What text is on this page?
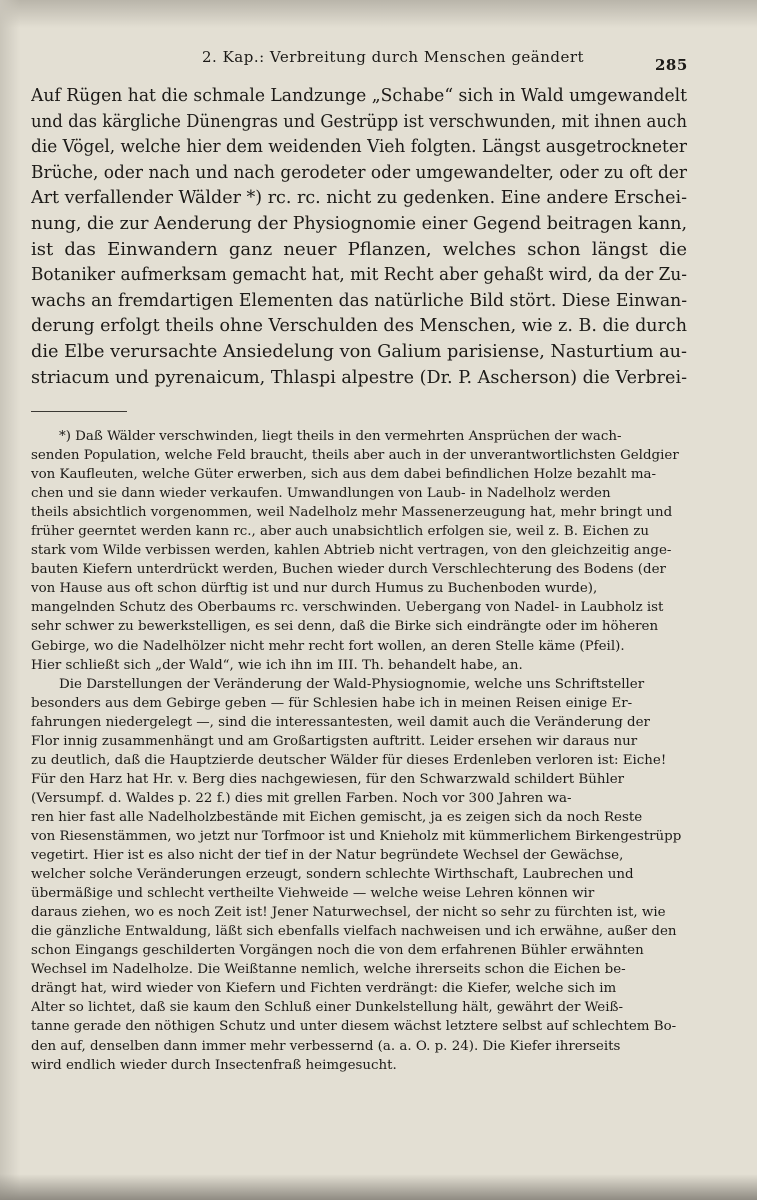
2. Kap.: Verbreitung durch Menschen geändert	285
Auf Rügen hat die schmale Landzunge „Schabe“ sich in Wald umgewandelt
und das kärgliche Dünengras und Gestrüpp ist verschwunden, mit ihnen auch
die Vögel, welche hier dem weidenden Vieh folgten. Längst ausgetrockneter
Brüche, oder nach und nach gerodeter oder umgewandelter, oder zu oft der
Art verfallender Wälder *) rc. rc. nicht zu gedenken. Eine andere Erschei-
nung, die zur Aenderung der Physiognomie einer Gegend beitragen kann,
ist das Einwandern ganz neuer Pflanzen, welches schon längst die
Botaniker aufmerksam gemacht hat, mit Recht aber gehaßt wird, da der Zu-
wachs an fremdartigen Elementen das natürliche Bild stört. Diese Einwan-
derung erfolgt theils ohne Verschulden des Menschen, wie z. B. die durch
die Elbe verursachte Ansiedelung von Galium parisiense, Nasturtium au-
striacum und pyrenaicum, Thlaspi alpestre (Dr. P. Ascherson) die Verbrei-
*) Daß Wälder verschwinden, liegt theils in den vermehrten Ansprüchen der wach-
senden Population, welche Feld braucht, theils aber auch in der unverantwortlichsten Geldgier
von Kaufleuten, welche Güter erwerben, sich aus dem dabei befindlichen Holze bezahlt ma-
chen und sie dann wieder verkaufen. Umwandlungen von Laub- in Nadelholz werden
theils absichtlich vorgenommen, weil Nadelholz mehr Massenerzeugung hat, mehr bringt und
früher geerntet werden kann rc., aber auch unabsichtlich erfolgen sie, weil z. B. Eichen zu
stark vom Wilde verbissen werden, kahlen Abtrieb nicht vertragen, von den gleichzeitig ange-
bauten Kiefern unterdrückt werden, Buchen wieder durch Verschlechterung des Bodens (der
von Hause aus oft schon dürftig ist und nur durch Humus zu Buchenboden wurde),
mangelnden Schutz des Oberbaums rc. verschwinden. Uebergang von Nadel- in Laubholz ist
sehr schwer zu bewerkstelligen, es sei denn, daß die Birke sich eindrängte oder im höheren
Gebirge, wo die Nadelhölzer nicht mehr recht fort wollen, an deren Stelle käme (Pfeil).
Hier schließt sich „der Wald“, wie ich ihn im III. Th. behandelt habe, an.
Die Darstellungen der Veränderung der Wald-Physiognomie, welche uns Schriftsteller
besonders aus dem Gebirge geben — für Schlesien habe ich in meinen Reisen einige Er-
fahrungen niedergelegt —, sind die interessantesten, weil damit auch die Veränderung der
Flor innig zusammenhängt und am Großartigsten auftritt. Leider ersehen wir daraus nur
zu deutlich, daß die Hauptzierde deutscher Wälder für dieses Erdenleben verloren ist: Eiche!
Für den Harz hat Hr. v. Berg dies nachgewiesen, für den Schwarzwald schildert Bühler
(Versumpf. d. Waldes p. 22 f.) dies mit grellen Farben. Noch vor 300 Jahren wa-
ren hier fast alle Nadelholzbestände mit Eichen gemischt, ja es zeigen sich da noch Reste
von Riesenstämmen, wo jetzt nur Torfmoor ist und Knieholz mit kümmerlichem Birkengestrüpp
vegetirt. Hier ist es also nicht der tief in der Natur begründete Wechsel der Gewächse,
welcher solche Veränderungen erzeugt, sondern schlechte Wirthschaft, Laubrechen und
übermäßige und schlecht vertheilte Viehweide — welche weise Lehren können wir
daraus ziehen, wo es noch Zeit ist! Jener Naturwechsel, der nicht so sehr zu fürchten ist, wie
die gänzliche Entwaldung, läßt sich ebenfalls vielfach nachweisen und ich erwähne, außer den
schon Eingangs geschilderten Vorgängen noch die von dem erfahrenen Bühler erwähnten
Wechsel im Nadelholze. Die Weißtanne nemlich, welche ihrerseits schon die Eichen be-
drängt hat, wird wieder von Kiefern und Fichten verdrängt: die Kiefer, welche sich im
Alter so lichtet, daß sie kaum den Schluß einer Dunkelstellung hält, gewährt der Weiß-
tanne gerade den nöthigen Schutz und unter diesem wächst letztere selbst auf schlechtem Bo-
den auf, denselben dann immer mehr verbessernd (a. a. O. p. 24). Die Kiefer ihrerseits
wird endlich wieder durch Insectenfraß heimgesucht.
